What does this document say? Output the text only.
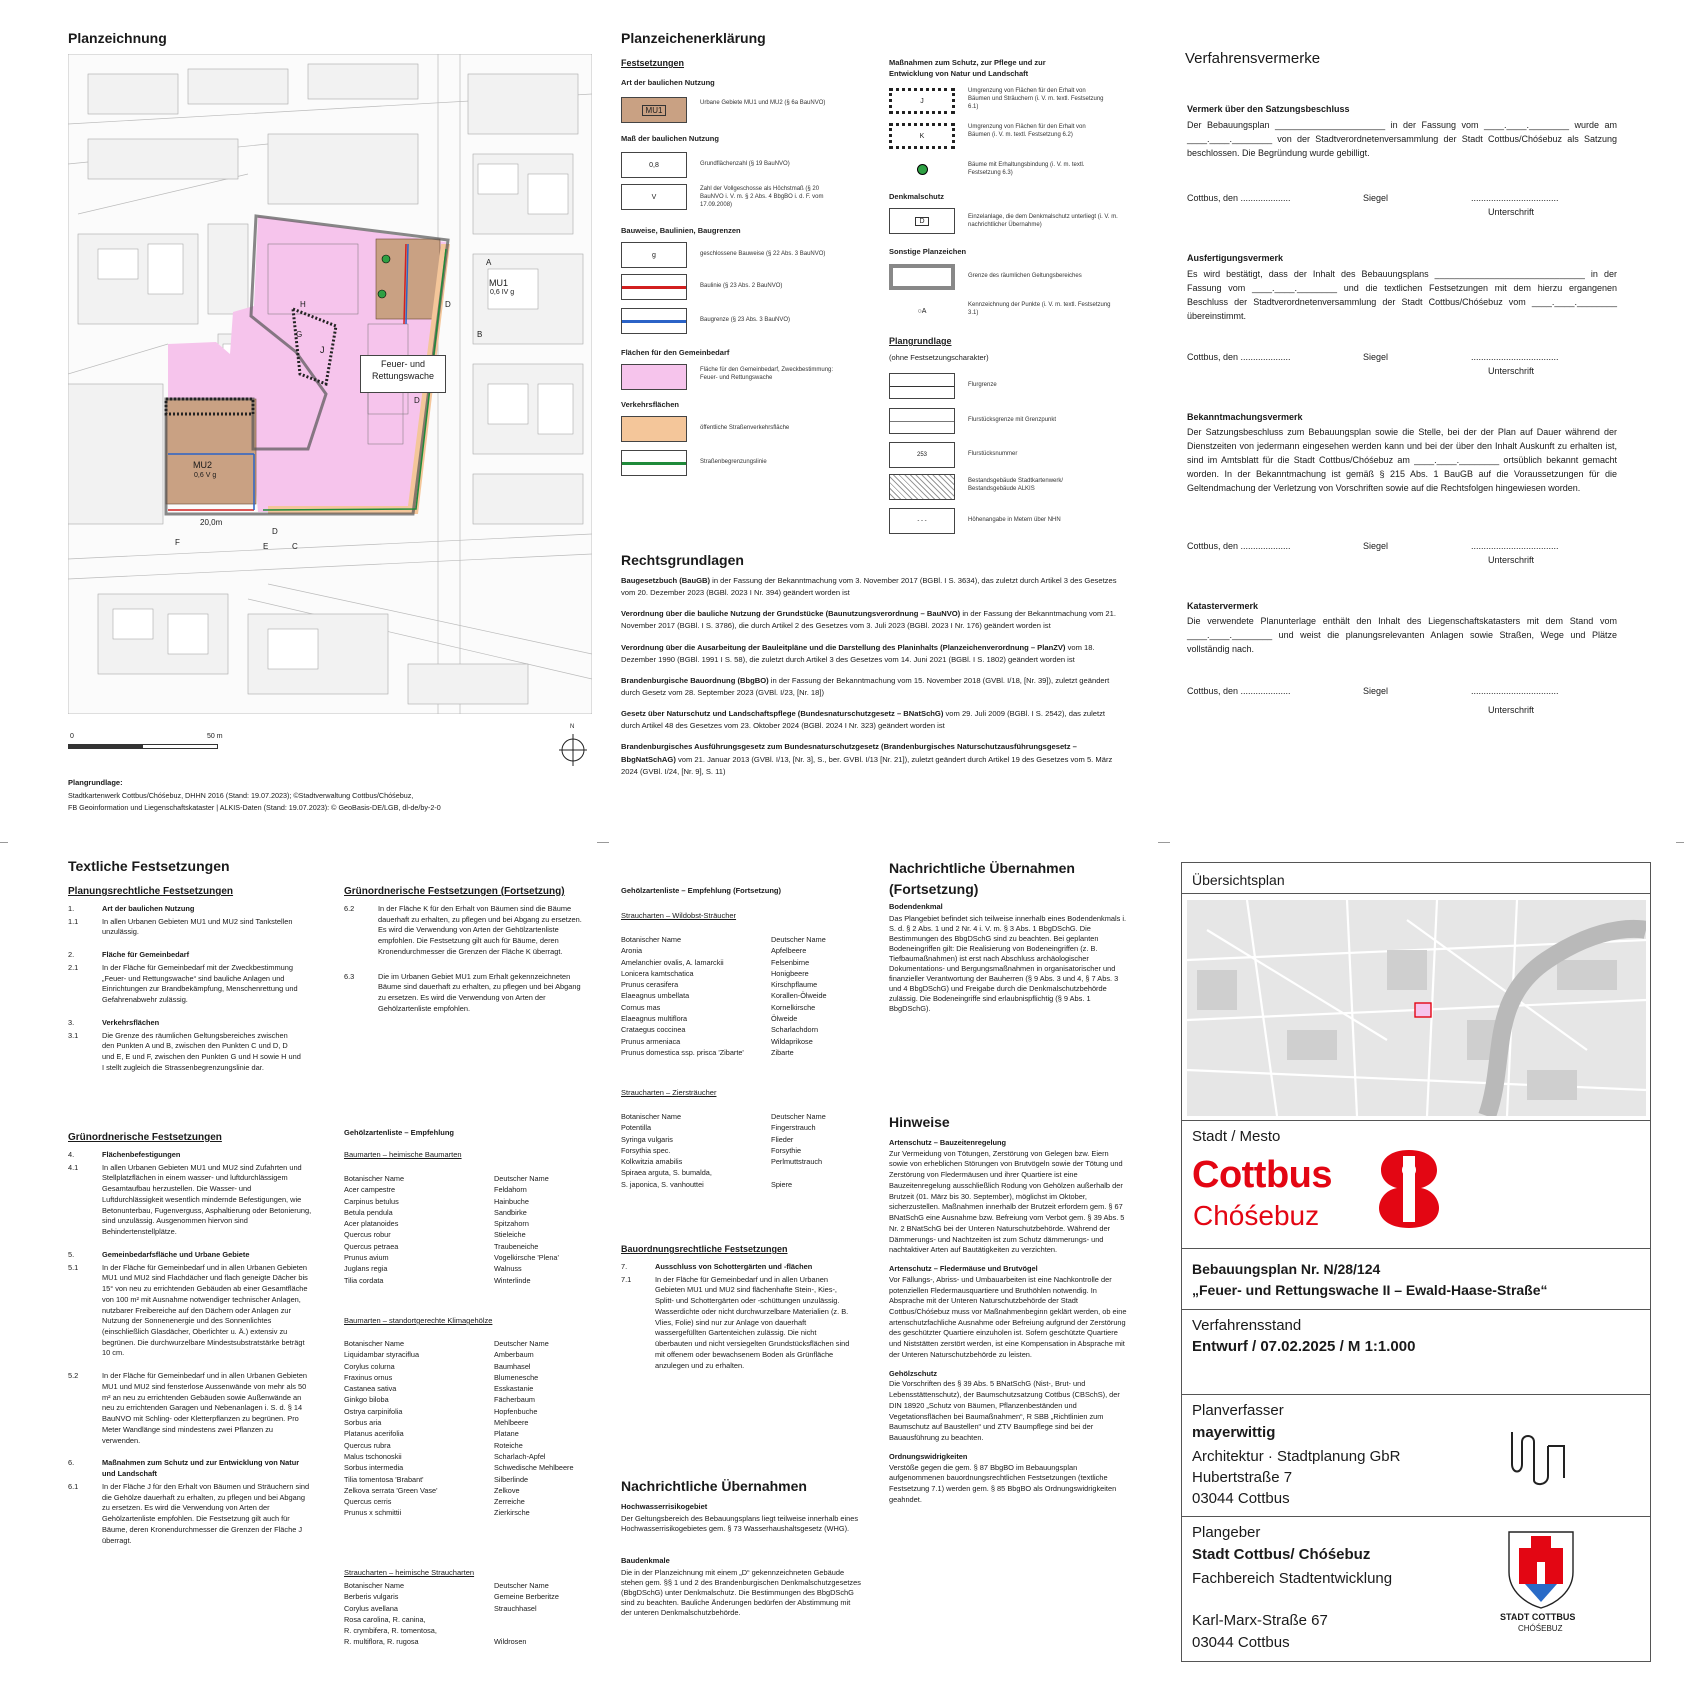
Planzeichnung
Feuer- und Rettungswache
MU1
0,6 IV g
MU2
0,6 V g
20,0m
D
D
J
A
B
C
D
E
F
G
H
0	50 m
N
Plangrundlage:
Stadtkartenwerk Cottbus/Chóśebuz, DHHN 2016 (Stand: 19.07.2023); ©Stadtverwaltung Cottbus/Chóśebuz,
FB Geoinformation und Liegenschaftskataster | ALKIS-Daten (Stand: 19.07.2023): © GeoBasis-DE/LGB, dl-de/by-2-0
Planzeichenerklärung
Festsetzungen
Art der baulichen Nutzung
MU1
Urbane Gebiete MU1 und MU2 (§ 6a BauNVO)
Maß der baulichen Nutzung
0,8	Grundflächenzahl (§ 19 BauNVO)
V
Zahl der Vollgeschosse als Höchstmaß (§ 20 BauNVO i. V. m. § 2 Abs. 4 BbgBO i. d. F. vom 17.09.2008)
Bauweise, Baulinien, Baugrenzen
g	geschlossene Bauweise (§ 22 Abs. 3 BauNVO)
Baulinie (§ 23 Abs. 2 BauNVO)
Baugrenze (§ 23 Abs. 3 BauNVO)
Flächen für den Gemeinbedarf
Fläche für den Gemeinbedarf, Zweckbestimmung: Feuer- und Rettungswache
Verkehrsflächen
öffentliche Straßenverkehrsfläche
Straßenbegrenzungslinie
Maßnahmen zum Schutz, zur Pflege und zur Entwicklung von Natur und Landschaft
J
Umgrenzung von Flächen für den Erhalt von Bäumen und Sträuchern (i. V. m. textl. Festsetzung 6.1)
K
Umgrenzung von Flächen für den Erhalt von Bäumen (i. V. m. textl. Festsetzung 6.2)
Bäume mit Erhaltungsbindung (i. V. m. textl. Festsetzung 6.3)
Denkmalschutz
D
Einzelanlage, die dem Denkmalschutz unterliegt (i. V. m. nachrichtlicher Übernahme)
Sonstige Planzeichen
Grenze des räumlichen Geltungsbereiches
○ A
Kennzeichnung der Punkte (i. V. m. textl. Festsetzung 3.1)
Plangrundlage
(ohne Festsetzungscharakter)
Flurgrenze
Flurstücksgrenze mit Grenzpunkt
253	Flurstücksnummer
Bestandsgebäude Stadtkartenwerk/ Bestandsgebäude ALKIS
- - -	Höhenangabe in Metern über NHN
Rechtsgrundlagen

Baugesetzbuch (BauGB) in der Fassung der Bekanntmachung vom 3. November 2017 (BGBl. I S. 3634), das zuletzt durch Artikel 3 des Gesetzes vom 20. Dezember 2023 (BGBl. 2023 I Nr. 394) geändert worden ist

Verordnung über die bauliche Nutzung der Grundstücke (Baunutzungsverordnung – BauNVO) in der Fassung der Bekanntmachung vom 21. November 2017 (BGBl. I S. 3786), die durch Artikel 2 des Gesetzes vom 3. Juli 2023 (BGBl. 2023 I Nr. 176) geändert worden ist

Verordnung über die Ausarbeitung der Bauleitpläne und die Darstellung des Planinhalts (Planzeichenverordnung – PlanZV) vom 18. Dezember 1990 (BGBl. 1991 I S. 58), die zuletzt durch Artikel 3 des Gesetzes vom 14. Juni 2021 (BGBl. I S. 1802) geändert worden ist

Brandenburgische Bauordnung (BbgBO) in der Fassung der Bekanntmachung vom 15. November 2018 (GVBl. I/18, [Nr. 39]), zuletzt geändert durch Gesetz vom 28. September 2023 (GVBl. I/23, [Nr. 18])

Gesetz über Naturschutz und Landschaftspflege (Bundesnaturschutzgesetz – BNatSchG) vom 29. Juli 2009 (BGBl. I S. 2542), das zuletzt durch Artikel 48 des Gesetzes vom 23. Oktober 2024 (BGBl. 2024 I Nr. 323) geändert worden ist

Brandenburgisches Ausführungsgesetz zum Bundesnaturschutzgesetz (Brandenburgisches Naturschutzausführungsgesetz – BbgNatSchAG) vom 21. Januar 2013 (GVBl. I/13, [Nr. 3], S., ber. GVBl. I/13 [Nr. 21]), zuletzt geändert durch Artikel 19 des Gesetzes vom 5. März 2024 (GVBl. I/24, [Nr. 9], S. 11)

Verfahrensvermerke
Vermerk über den Satzungsbeschluss
Der Bebauungsplan ______________________ in der Fassung vom ____.____.________ wurde am ____.____.________ von der Stadtverordnetenversammlung der Stadt Cottbus/Chóśebuz als Satzung beschlossen. Die Begründung wurde gebilligt.
Cottbus, den ....................	Siegel	...................................
Unterschrift
Ausfertigungsvermerk
Es wird bestätigt, dass der Inhalt des Bebauungsplans ______________________________ in der Fassung vom ____.____.________ und die textlichen Festsetzungen mit dem hierzu ergangenen Beschluss der Stadtverordnetenversammlung der Stadt Cottbus/Chóśebuz vom ____.____.________ übereinstimmt.
Cottbus, den ....................	Siegel	...................................
Unterschrift
Bekanntmachungsvermerk
Der Satzungsbeschluss zum Bebauungsplan sowie die Stelle, bei der der Plan auf Dauer während der Dienstzeiten von jedermann eingesehen werden kann und bei der über den Inhalt Auskunft zu erhalten ist, sind im Amtsblatt für die Stadt Cottbus/Chóśebuz am ____.____.________ ortsüblich bekannt gemacht worden. In der Bekanntmachung ist gemäß § 215 Abs. 1 BauGB auf die Voraussetzungen für die Geltendmachung der Verletzung von Vorschriften sowie auf die Rechtsfolgen hingewiesen worden.
Cottbus, den ....................	Siegel	...................................
Unterschrift
Katastervermerk
Die verwendete Planunterlage enthält den Inhalt des Liegenschaftskatasters mit dem Stand vom ____.____.________ und weist die planungsrelevanten Anlagen sowie Straßen, Wege und Plätze vollständig nach.
Cottbus, den ....................	Siegel	...................................
Unterschrift
Textliche Festsetzungen
Planungsrechtliche Festsetzungen
1.	Art der baulichen Nutzung
1.1	In allen Urbanen Gebieten MU1 und MU2 sind Tankstellen unzulässig.
2.	Fläche für Gemeinbedarf
2.1	In der Fläche für Gemeinbedarf mit der Zweckbestimmung „Feuer- und Rettungswache“ sind bauliche Anlagen und Einrichtungen zur Brandbekämpfung, Menschenrettung und Gefahrenabwehr zulässig.
3.	Verkehrsflächen
3.1	Die Grenze des räumlichen Geltungsbereiches zwischen den Punkten A und B, zwischen den Punkten C und D, D und E, E und F, zwischen den Punkten G und H sowie H und I stellt zugleich die Strassenbegrenzungslinie dar.
Grünordnerische Festsetzungen
4.	Flächenbefestigungen
4.1	In allen Urbanen Gebieten MU1 und MU2 sind Zufahrten und Stellplatzflächen in einem wasser- und luftdurchlässigem Gesamtaufbau herzustellen. Die Wasser- und Luftdurchlässigkeit wesentlich mindernde Befestigungen, wie Betonunterbau, Fugenverguss, Asphaltierung oder Betonierung, sind unzulässig. Ausgenommen hiervon sind Behindertenstellplätze.
5.	Gemeinbedarfsfläche und Urbane Gebiete
5.1	In der Fläche für Gemeinbedarf und in allen Urbanen Gebieten MU1 und MU2 sind Flachdächer und flach geneigte Dächer bis 15° von neu zu errichtenden Gebäuden ab einer Gesamtfläche von 100 m² mit Ausnahme notwendiger technischer Anlagen, nutzbarer Freibereiche auf den Dächern oder Anlagen zur Nutzung der Sonnenenergie und des Sonnenlichtes (einschließlich Glasdächer, Oberlichter u. Ä.) extensiv zu begrünen. Die durchwurzelbare Mindestsubstratstärke beträgt 10 cm.
5.2	In der Fläche für Gemeinbedarf und in allen Urbanen Gebieten MU1 und MU2 sind fensterlose Aussenwände von mehr als 50 m² an neu zu errichtenden Gebäuden sowie Außenwände an neu zu errichtenden Garagen und Nebenanlagen i. S. d. § 14 BauNVO mit Schling- oder Kletterpflanzen zu begrünen. Pro Meter Wandlänge sind mindestens zwei Pflanzen zu verwenden.
6.	Maßnahmen zum Schutz und zur Entwicklung von Natur und Landschaft
6.1	In der Fläche J für den Erhalt von Bäumen und Sträuchern sind die Gehölze dauerhaft zu erhalten, zu pflegen und bei Abgang zu ersetzen. Es wird die Verwendung von Arten der Gehölzartenliste empfohlen. Die Festsetzung gilt auch für Bäume, deren Kronendurchmesser die Grenzen der Fläche J überragt.
Grünordnerische Festsetzungen (Fortsetzung)
6.2	In der Fläche K für den Erhalt von Bäumen sind die Bäume dauerhaft zu erhalten, zu pflegen und bei Abgang zu ersetzen. Es wird die Verwendung von Arten der Gehölzartenliste empfohlen. Die Festsetzung gilt auch für Bäume, deren Kronendurchmesser die Grenzen der Fläche K überragt.
6.3	Die im Urbanen Gebiet MU1 zum Erhalt gekennzeichneten Bäume sind dauerhaft zu erhalten, zu pflegen und bei Abgang zu ersetzen. Es wird die Verwendung von Arten der Gehölzartenliste empfohlen.
Gehölzartenliste – Empfehlung
Baumarten – heimische Baumarten
Botanischer Name	Deutscher Name
Acer campestre	Feldahorn
Carpinus betulus	Hainbuche
Betula pendula	Sandbirke
Acer platanoides	Spitzahorn
Quercus robur	Stieleiche
Quercus petraea	Traubeneiche
Prunus avium	Vogelkirsche 'Plena'
Juglans regia	Walnuss
Tilia cordata	Winterlinde
Baumarten – standortgerechte Klimagehölze
Botanischer Name	Deutscher Name
Liquidambar styraciflua	Amberbaum
Corylus colurna	Baumhasel
Fraxinus ornus	Blumenesche
Castanea sativa	Esskastanie
Ginkgo biloba	Fächerbaum
Ostrya carpinifolia	Hopfenbuche
Sorbus aria	Mehlbeere
Platanus acerifolia	Platane
Quercus rubra	Roteiche
Malus tschonoskii	Scharlach-Apfel
Sorbus intermedia	Schwedische Mehlbeere
Tilia tomentosa 'Brabant'	Silberlinde
Zelkova serrata 'Green Vase'	Zelkove
Quercus cerris	Zerreiche
Prunus x schmittii	Zierkirsche
Straucharten – heimische Straucharten
Botanischer Name	Deutscher Name
Berberis vulgaris	Gemeine Berberitze
Corylus avellana	Strauchhasel
Rosa carolina, R. canina,
R. crymbifera, R. tomentosa,
R. multiflora, R. rugosa	Wildrosen
Gehölzartenliste – Empfehlung (Fortsetzung)
Straucharten – Wildobst-Sträucher
Botanischer Name	Deutscher Name
Aronia	Apfelbeere
Amelanchier ovalis, A. lamarckii	Felsenbirne
Lonicera kamtschatica	Honigbeere
Prunus cerasifera	Kirschpflaume
Elaeagnus umbellata	Korallen-Ölweide
Cornus mas	Kornelkirsche
Elaeagnus multiflora	Ölweide
Crataegus coccinea	Scharlachdorn
Prunus armeniaca	Wildaprikose
Prunus domestica ssp. prisca 'Zibarte'	Zibarte
Straucharten – Ziersträucher
Botanischer Name	Deutscher Name
Potentilla	Fingerstrauch
Syringa vulgaris	Flieder
Forsythia spec.	Forsythie
Kolkwitzia amabilis	Perlmuttstrauch
Spiraea arguta, S. bumalda,
S. japonica, S. vanhouttei	Spiere
Bauordnungsrechtliche Festsetzungen
7.	Ausschluss von Schottergärten und -flächen
7.1	In der Fläche für Gemeinbedarf und in allen Urbanen Gebieten MU1 und MU2 sind flächenhafte Stein-, Kies-, Splitt- und Schottergärten oder -schüttungen unzulässig. Wasserdichte oder nicht durchwurzelbare Materialien (z. B. Vlies, Folie) sind nur zur Anlage von dauerhaft wassergefüllten Gartenteichen zulässig. Die nicht überbauten und nicht versiegelten Grundstücksflächen sind mit offenem oder bewachsenem Boden als Grünfläche anzulegen und zu erhalten.
Nachrichtliche Übernahmen
Hochwasserrisikogebiet
Der Geltungsbereich des Bebauungsplans liegt teilweise innerhalb eines Hochwasserrisikogebietes gem. § 73 Wasserhaushaltsgesetz (WHG).
Baudenkmale
Die in der Planzeichnung mit einem „D“ gekennzeichneten Gebäude stehen gem. §§ 1 und 2 des Brandenburgischen Denkmalschutzgesetzes (BbgDSchG) unter Denkmalschutz. Die Bestimmungen des BbgDSchG sind zu beachten. Bauliche Änderungen bedürfen der Abstimmung mit der unteren Denkmalschutzbehörde.
Nachrichtliche Übernahmen (Fortsetzung)
Bodendenkmal
Das Plangebiet befindet sich teilweise innerhalb eines Bodendenkmals i. S. d. § 2 Abs. 1 und 2 Nr. 4 i. V. m. § 3 Abs. 1 BbgDSchG. Die Bestimmungen des BbgDSchG sind zu beachten. Bei geplanten Bodeneingriffen gilt: Die Realisierung von Bodeneingriffen (z. B. Tiefbaumaßnahmen) ist erst nach Abschluss archäologischer Dokumentations- und Bergungsmaßnahmen in organisatorischer und finanzieller Verantwortung der Bauherren (§ 9 Abs. 3 und 4, § 7 Abs. 3 und 4 BbgDSchG) und Freigabe durch die Denkmalschutzbehörde zulässig. Die Bodeneingriffe sind erlaubnispflichtig (§ 9 Abs. 1 BbgDSchG).
Hinweise
Artenschutz – Bauzeitenregelung
Zur Vermeidung von Tötungen, Zerstörung von Gelegen bzw. Eiern sowie von erheblichen Störungen von Brutvögeln sowie der Tötung und Zerstörung von Fledermäusen und ihrer Quartiere ist eine Bauzeitenregelung ausschließlich Rodung von Gehölzen außerhalb der Brutzeit (01. März bis 30. September), möglichst im Oktober, sicherzustellen. Maßnahmen innerhalb der Brutzeit erfordern gem. § 67 BNatSchG eine Ausnahme bzw. Befreiung vom Verbot gem. § 39 Abs. 5 Nr. 2 BNatSchG bei der Unteren Naturschutzbehörde. Während der Dämmerungs- und Nachtzeiten ist zum Schutz dämmerungs- und nachtaktiver Arten auf Bautätigkeiten zu verzichten.
Artenschutz – Fledermäuse und Brutvögel
Vor Fällungs-, Abriss- und Umbauarbeiten ist eine Nachkontrolle der potenziellen Fledermausquartiere und Bruthöhlen notwendig. In Absprache mit der Unteren Naturschutzbehörde der Stadt Cottbus/Chóśebuz muss vor Maßnahmenbeginn geklärt werden, ob eine artenschutzfachliche Ausnahme oder Befreiung aufgrund der Zerstörung des geschützter Quartiere einzuholen ist. Sofern geschützte Quartiere und Niststätten zerstört werden, ist eine Kompensation in Absprache mit der Unteren Naturschutzbehörde zu leisten.
Gehölzschutz
Die Vorschriften des § 39 Abs. 5 BNatSchG (Nist-, Brut- und Lebensstättenschutz), der Baumschutzsatzung Cottbus (CBSchS), der DIN 18920 „Schutz von Bäumen, Pflanzenbeständen und Vegetationsflächen bei Baumaßnahmen“, R SBB „Richtlinien zum Baumschutz auf Baustellen“ und ZTV Baumpflege sind bei der Bauausführung zu beachten.
Ordnungswidrigkeiten
Verstöße gegen die gem. § 87 BbgBO im Bebauungsplan aufgenommenen bauordnungsrechtlichen Festsetzungen (textliche Festsetzung 7.1) werden gem. § 85 BbgBO als Ordnungswidrigkeiten geahndet.
Übersichtsplan
Stadt / Mesto
Cottbus
Chóśebuz
Bebauungsplan Nr. N/28/124
„Feuer- und Rettungswache II – Ewald-Haase-Straße“
Verfahrensstand
Entwurf / 07.02.2025 / M 1:1.000
Planverfasser
mayerwittig
Architektur · Stadtplanung GbR
Hubertstraße 7
03044 Cottbus
Plangeber
Stadt Cottbus/ Chóśebuz
Fachbereich Stadtentwicklung
Karl-Marx-Straße 67
03044 Cottbus
STADT COTTBUS
CHÓŚEBUZ
